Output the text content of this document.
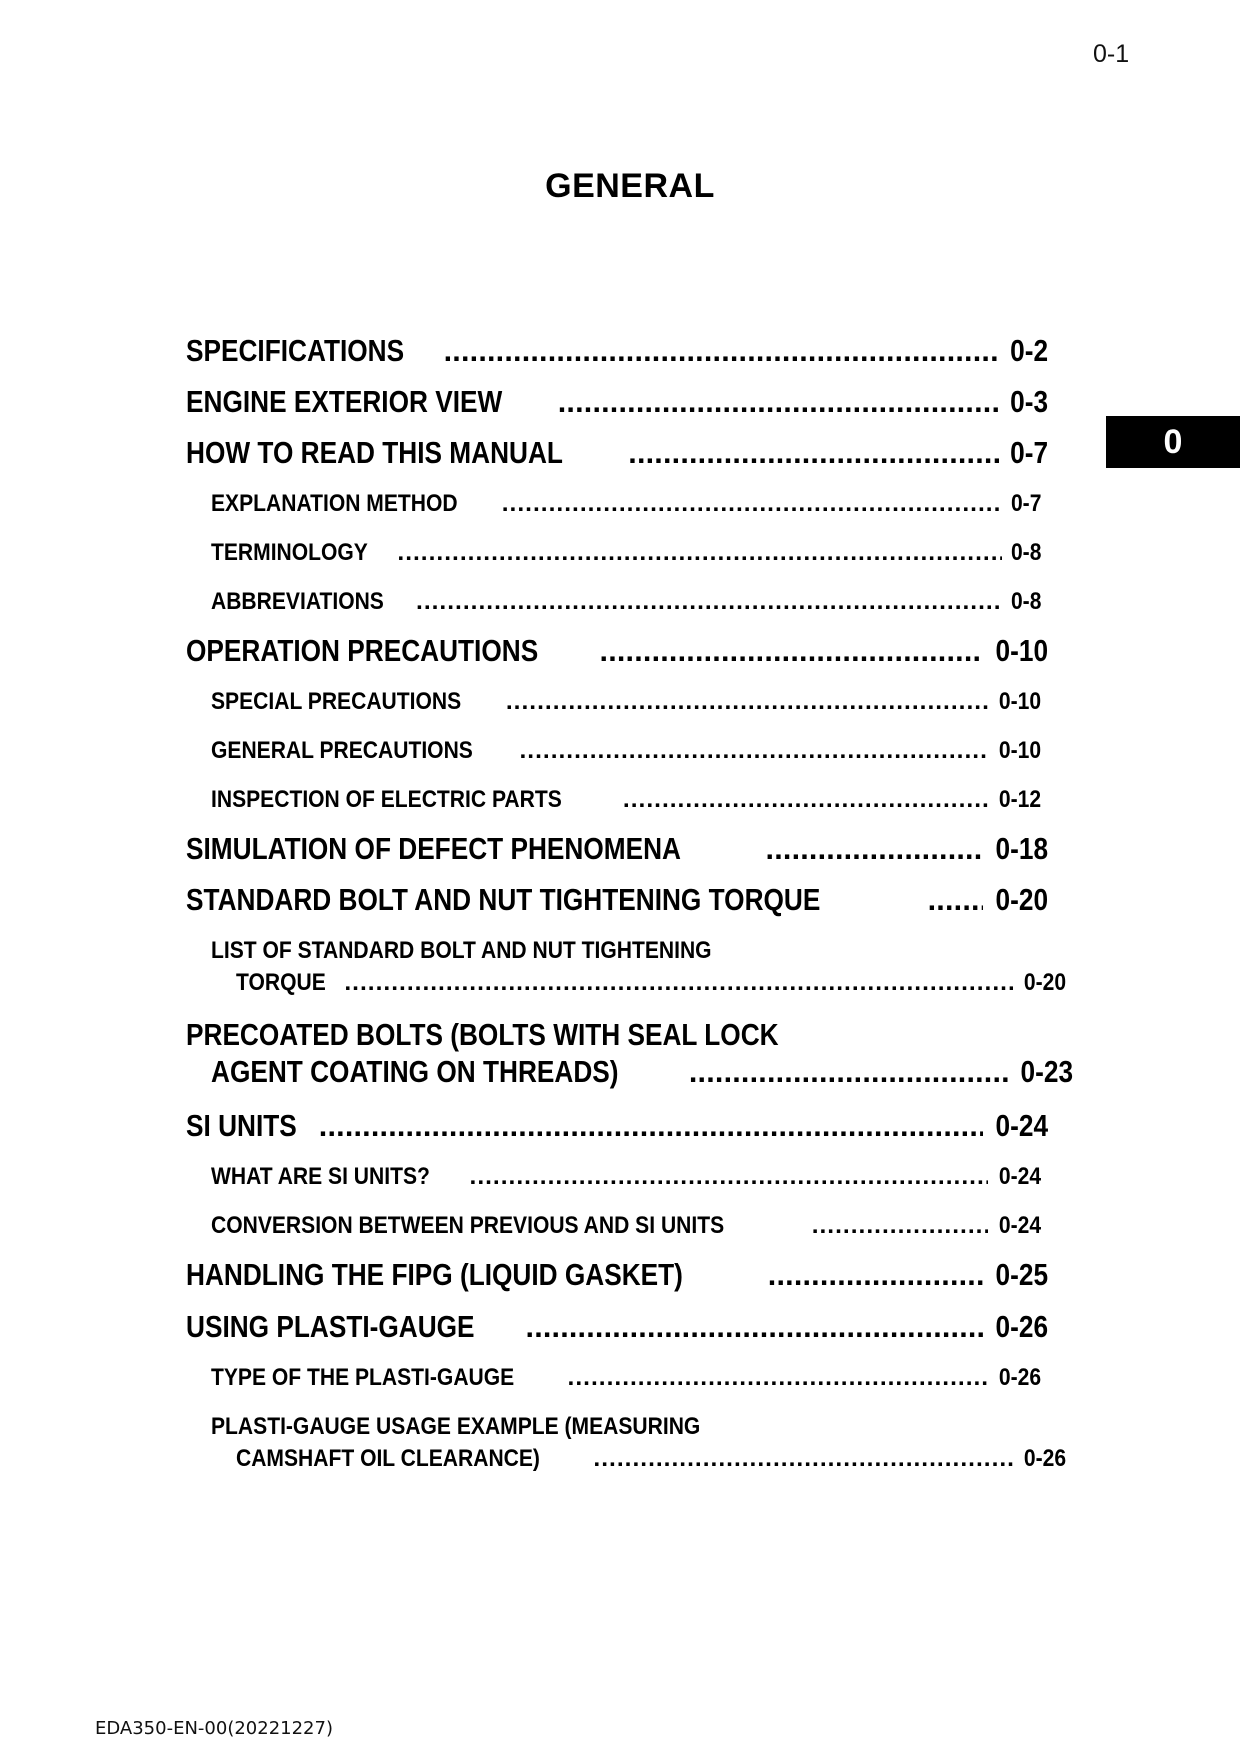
0-1
GENERAL
0
SPECIFICATIONS .....	0-2
ENGINE EXTERIOR VIEW .....	0-3
HOW TO READ THIS MANUAL .....	0-7
EXPLANATION METHOD .....	0-7
TERMINOLOGY .....	0-8
ABBREVIATIONS .....	0-8
OPERATION PRECAUTIONS .....	0-10
SPECIAL PRECAUTIONS .....	0-10
GENERAL PRECAUTIONS .....	0-10
INSPECTION OF ELECTRIC PARTS .....	0-12
SIMULATION OF DEFECT PHENOMENA .....	0-18
STANDARD BOLT AND NUT TIGHTENING TORQUE .....	0-20
LIST OF STANDARD BOLT AND NUT TIGHTENING
TORQUE .....	0-20
PRECOATED BOLTS (BOLTS WITH SEAL LOCK
AGENT COATING ON THREADS) .....	0-23
SI UNITS .....	0-24
WHAT ARE SI UNITS? .....	0-24
CONVERSION BETWEEN PREVIOUS AND SI UNITS .....	0-24
HANDLING THE FIPG (LIQUID GASKET) .....	0-25
USING PLASTI-GAUGE .....	0-26
TYPE OF THE PLASTI-GAUGE .....	0-26
PLASTI-GAUGE USAGE EXAMPLE (MEASURING
CAMSHAFT OIL CLEARANCE) .....	0-26
EDA350-EN-00(20221227)
